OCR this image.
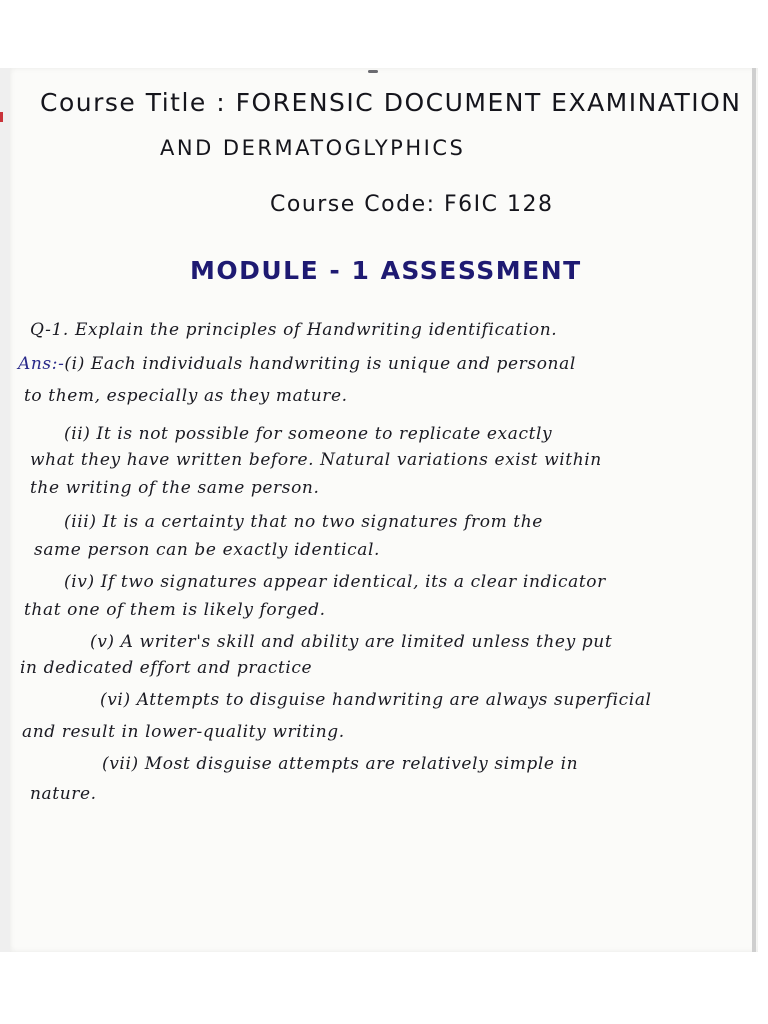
Course Title : FORENSIC DOCUMENT EXAMINATION
AND DERMATOGLYPHICS
Course Code: F6IC 128
MODULE - 1 ASSESSMENT
Q-1. Explain the principles of Handwriting identification.
Ans:-(i) Each individuals handwriting is unique and personal
to them, especially as they mature.
(ii) It is not possible for someone to replicate exactly
what they have written before. Natural variations exist within
the writing of the same person.
(iii) It is a certainty that no two signatures from the
same person can be exactly identical.
(iv) If two signatures appear identical, its a clear indicator
that one of them is likely forged.
(v) A writer's skill and ability are limited unless they put
in dedicated effort and practice
(vi) Attempts to disguise handwriting are always superficial
and result in lower-quality writing.
(vii) Most disguise attempts are relatively simple in
nature.
